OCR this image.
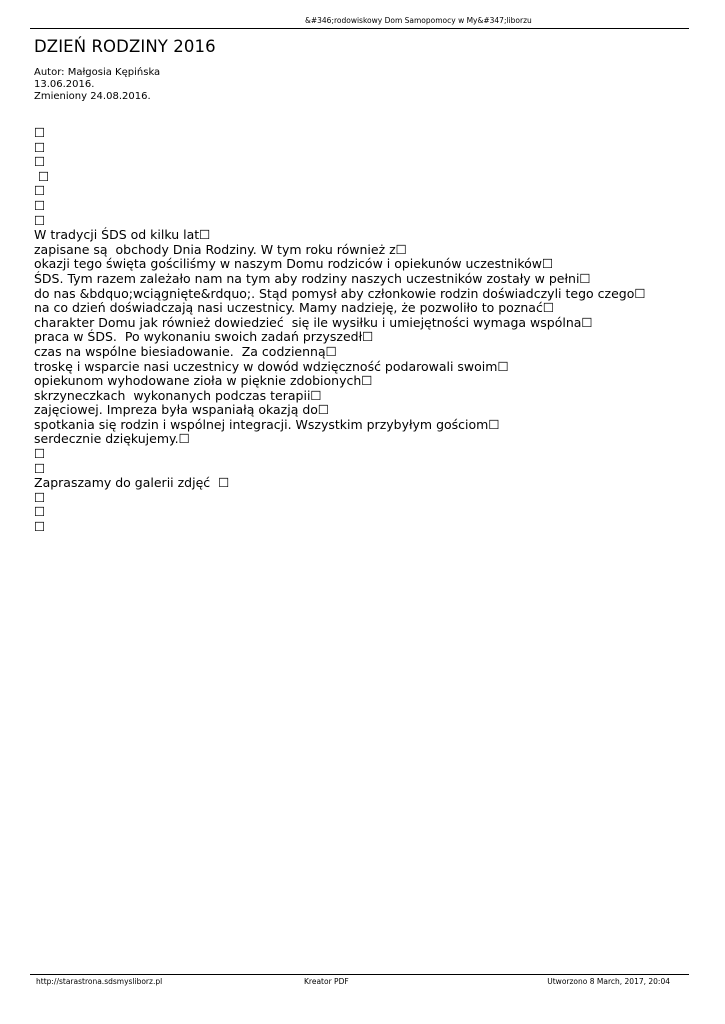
&#346;rodowiskowy Dom Samopomocy w My&#347;liborzu
DZIEŃ RODZINY 2016
Autor: Małgosia Kępińska
13.06.2016.
Zmieniony 24.08.2016.
☐
☐
☐
☐
☐
☐
☐
W tradycji ŚDS od kilku lat☐
zapisane są  obchody Dnia Rodziny. W tym roku również z☐
okazji tego święta gościliśmy w naszym Domu rodziców i opiekunów uczestników☐
ŚDS. Tym razem zależało nam na tym aby rodziny naszych uczestników zostały w pełni☐
do nas &bdquo;wciągnięte&rdquo;. Stąd pomysł aby członkowie rodzin doświadczyli tego czego☐
na co dzień doświadczają nasi uczestnicy. Mamy nadzieję, że pozwoliło to poznać☐
charakter Domu jak również dowiedzieć  się ile wysiłku i umiejętności wymaga wspólna☐
praca w ŚDS.  Po wykonaniu swoich zadań przyszedł☐
czas na wspólne biesiadowanie.  Za codzienną☐
troskę i wsparcie nasi uczestnicy w dowód wdzięczność podarowali swoim☐
opiekunom wyhodowane zioła w pięknie zdobionych☐
skrzyneczkach  wykonanych podczas terapii☐
zajęciowej. Impreza była wspaniałą okazją do☐
spotkania się rodzin i wspólnej integracji. Wszystkim przybyłym gościom☐
serdecznie dziękujemy.☐
☐
☐
Zapraszamy do galerii zdjęć  ☐
☐
☐
☐
http://starastrona.sdsmysliborz.pl	Kreator PDF	Utworzono 8 March, 2017, 20:04
